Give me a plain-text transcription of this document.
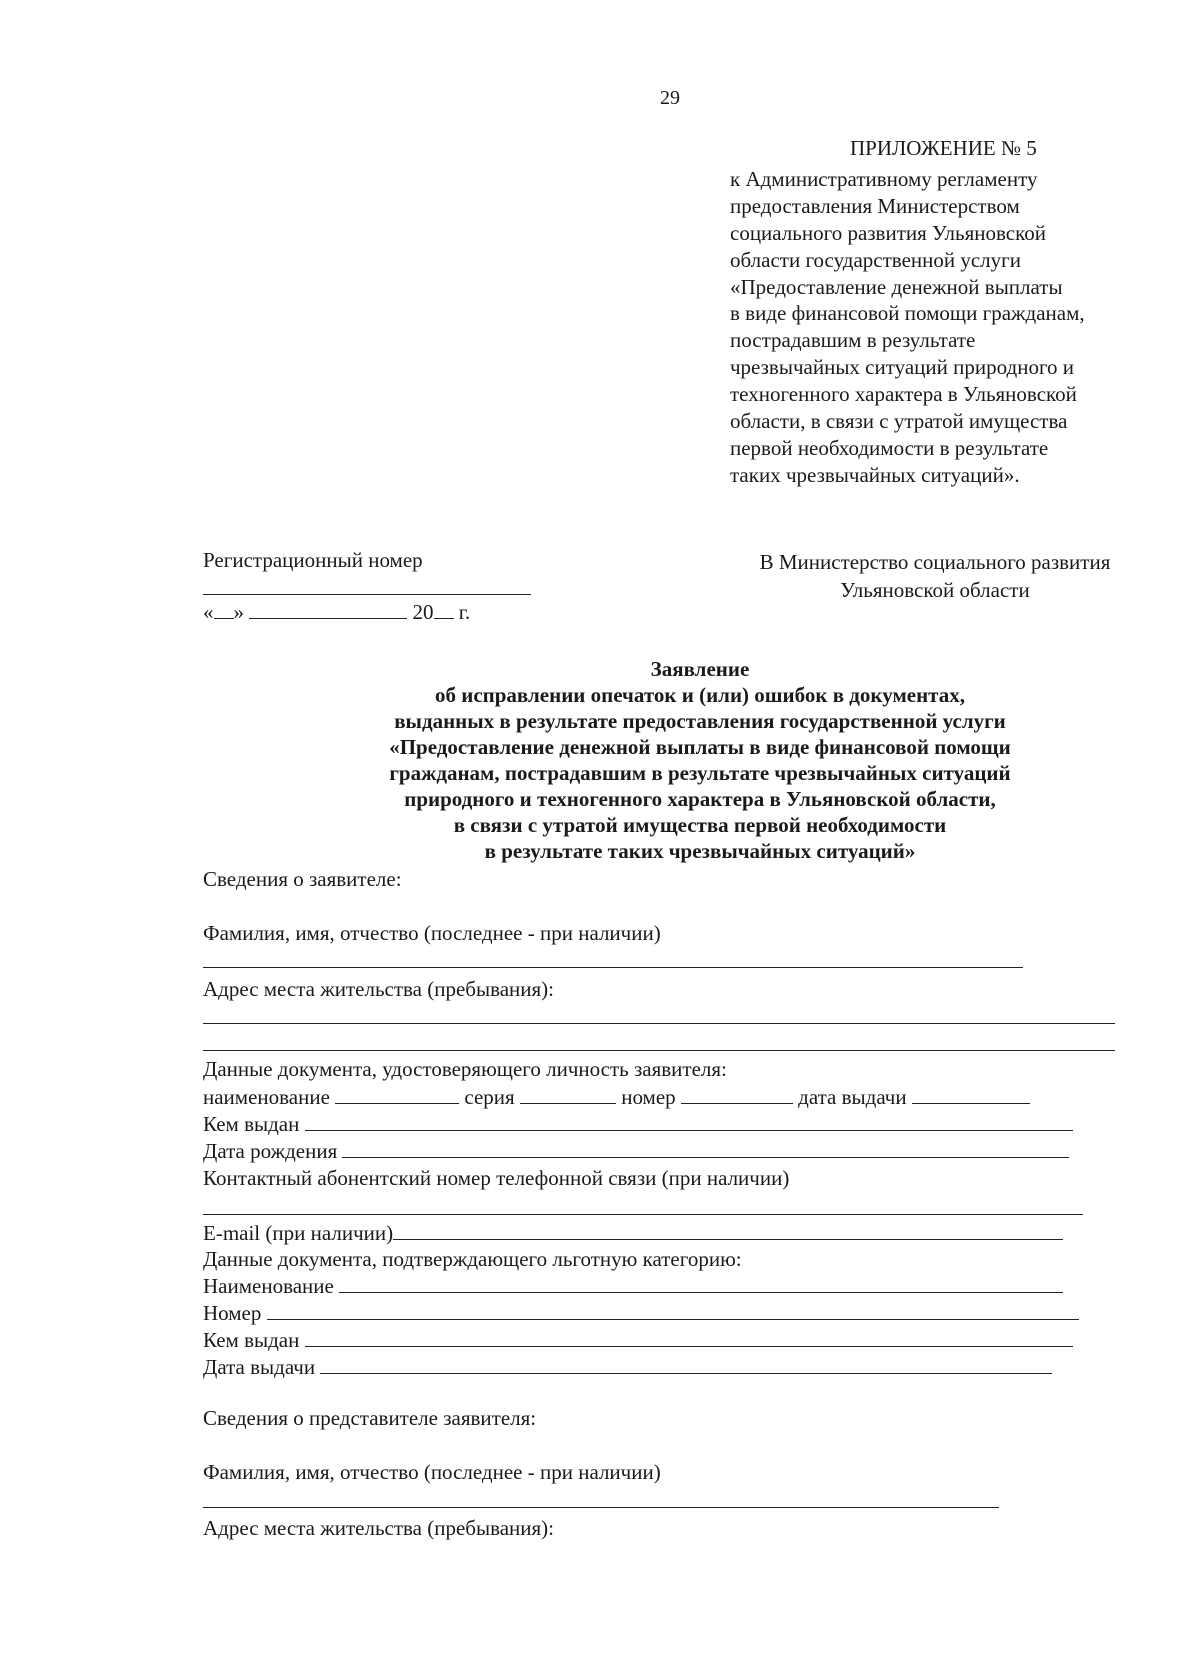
29
ПРИЛОЖЕНИЕ № 5
к Административному регламенту
предоставления Министерством
социального развития Ульяновской
области государственной услуги
«Предоставление денежной выплаты
в виде финансовой помощи гражданам,
пострадавшим в результате
чрезвычайных ситуаций природного и
техногенного характера в Ульяновской
области, в связи с утратой имущества
первой необходимости в результате
таких чрезвычайных ситуаций».
Регистрационный номер
« »	20 г.
В Министерство социального развития
Ульяновской области
Заявление
об исправлении опечаток и (или) ошибок в документах,
выданных в результате предоставления государственной услуги
«Предоставление денежной выплаты в виде финансовой помощи
гражданам, пострадавшим в результате чрезвычайных ситуаций
природного и техногенного характера в Ульяновской области,
в связи с утратой имущества первой необходимости
в результате таких чрезвычайных ситуаций»
Сведения о заявителе:
Фамилия, имя, отчество (последнее - при наличии)
Адрес места жительства (пребывания):
Данные документа, удостоверяющего личность заявителя:
наименование	серия	номер	дата выдачи
Кем выдан
Дата рождения
Контактный абонентский номер телефонной связи (при наличии)
E-mail (при наличии)
Данные документа, подтверждающего льготную категорию:
Наименование
Номер
Кем выдан
Дата выдачи
Сведения о представителе заявителя:
Фамилия, имя, отчество (последнее - при наличии)
Адрес места жительства (пребывания):
